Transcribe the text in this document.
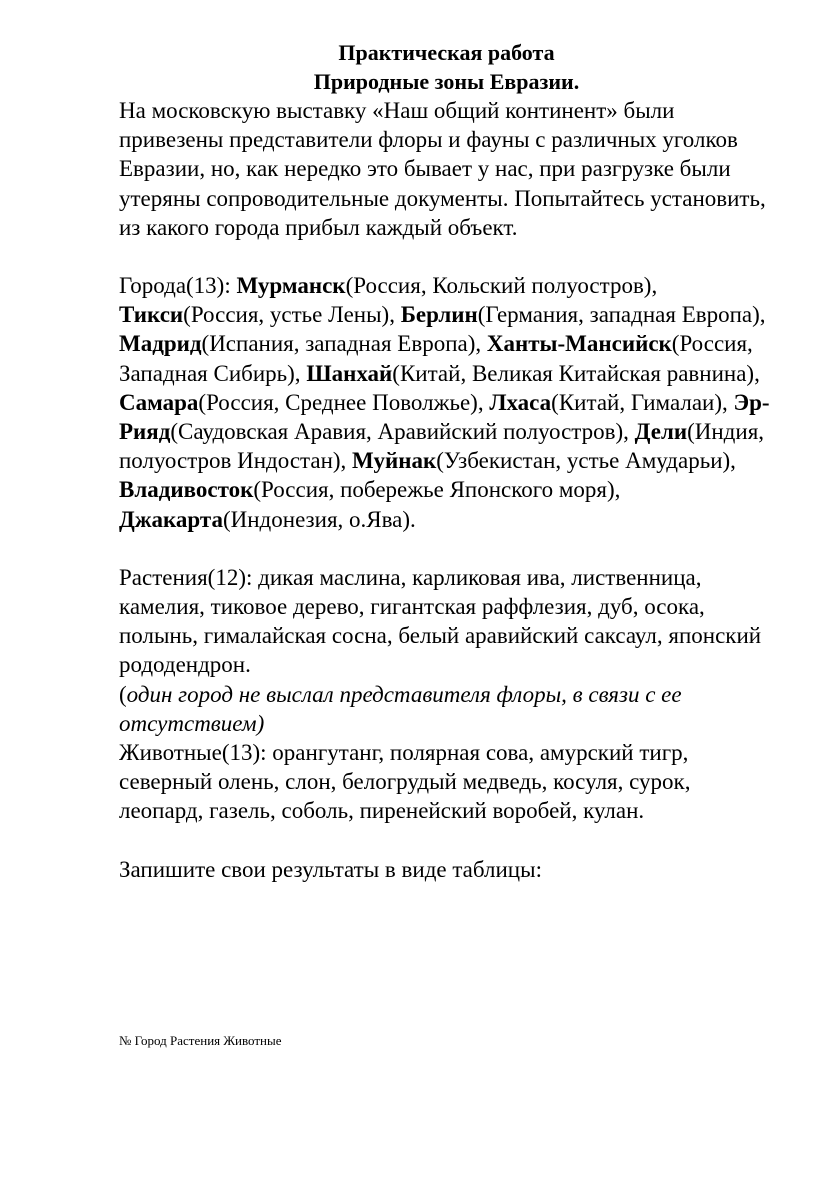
Практическая работа
Природные зоны Евразии.

На московскую выставку «Наш общий континент» были привезены представители флоры и фауны с различных уголков Евразии, но, как нередко это бывает у нас, при разгрузке были утеряны сопроводительные документы. Попытайтесь установить, из какого города прибыл каждый объект.

Города(13): Мурманск(Россия, Кольский полуостров), Тикси(Россия, устье Лены), Берлин(Германия, западная Европа), Мадрид(Испания, западная Европа), Ханты-Мансийск(Россия, Западная Сибирь), Шанхай(Китай, Великая Китайская равнина), Самара(Россия, Среднее Поволжье), Лхаса(Китай, Гималаи), Эр-Рияд(Саудовская Аравия, Аравийский полуостров), Дели(Индия, полуостров Индостан), Муйнак(Узбекистан, устье Амударьи), Владивосток(Россия, побережье Японского моря), Джакарта(Индонезия, о.Ява).

Растения(12): дикая маслина, карликовая ива, лиственница, камелия, тиковое дерево, гигантская раффлезия, дуб, осока, полынь, гималайская сосна, белый аравийский саксаул, японский рододендрон.

(один город не выслал представителя флоры, в связи с ее отсутствием)

Животные(13): орангутанг, полярная сова, амурский тигр, северный олень, слон, белогрудый медведь, косуля, сурок, леопард, газель, соболь, пиренейский воробей, кулан.

Запишите свои результаты в виде таблицы:

№ Город Растения Животные
